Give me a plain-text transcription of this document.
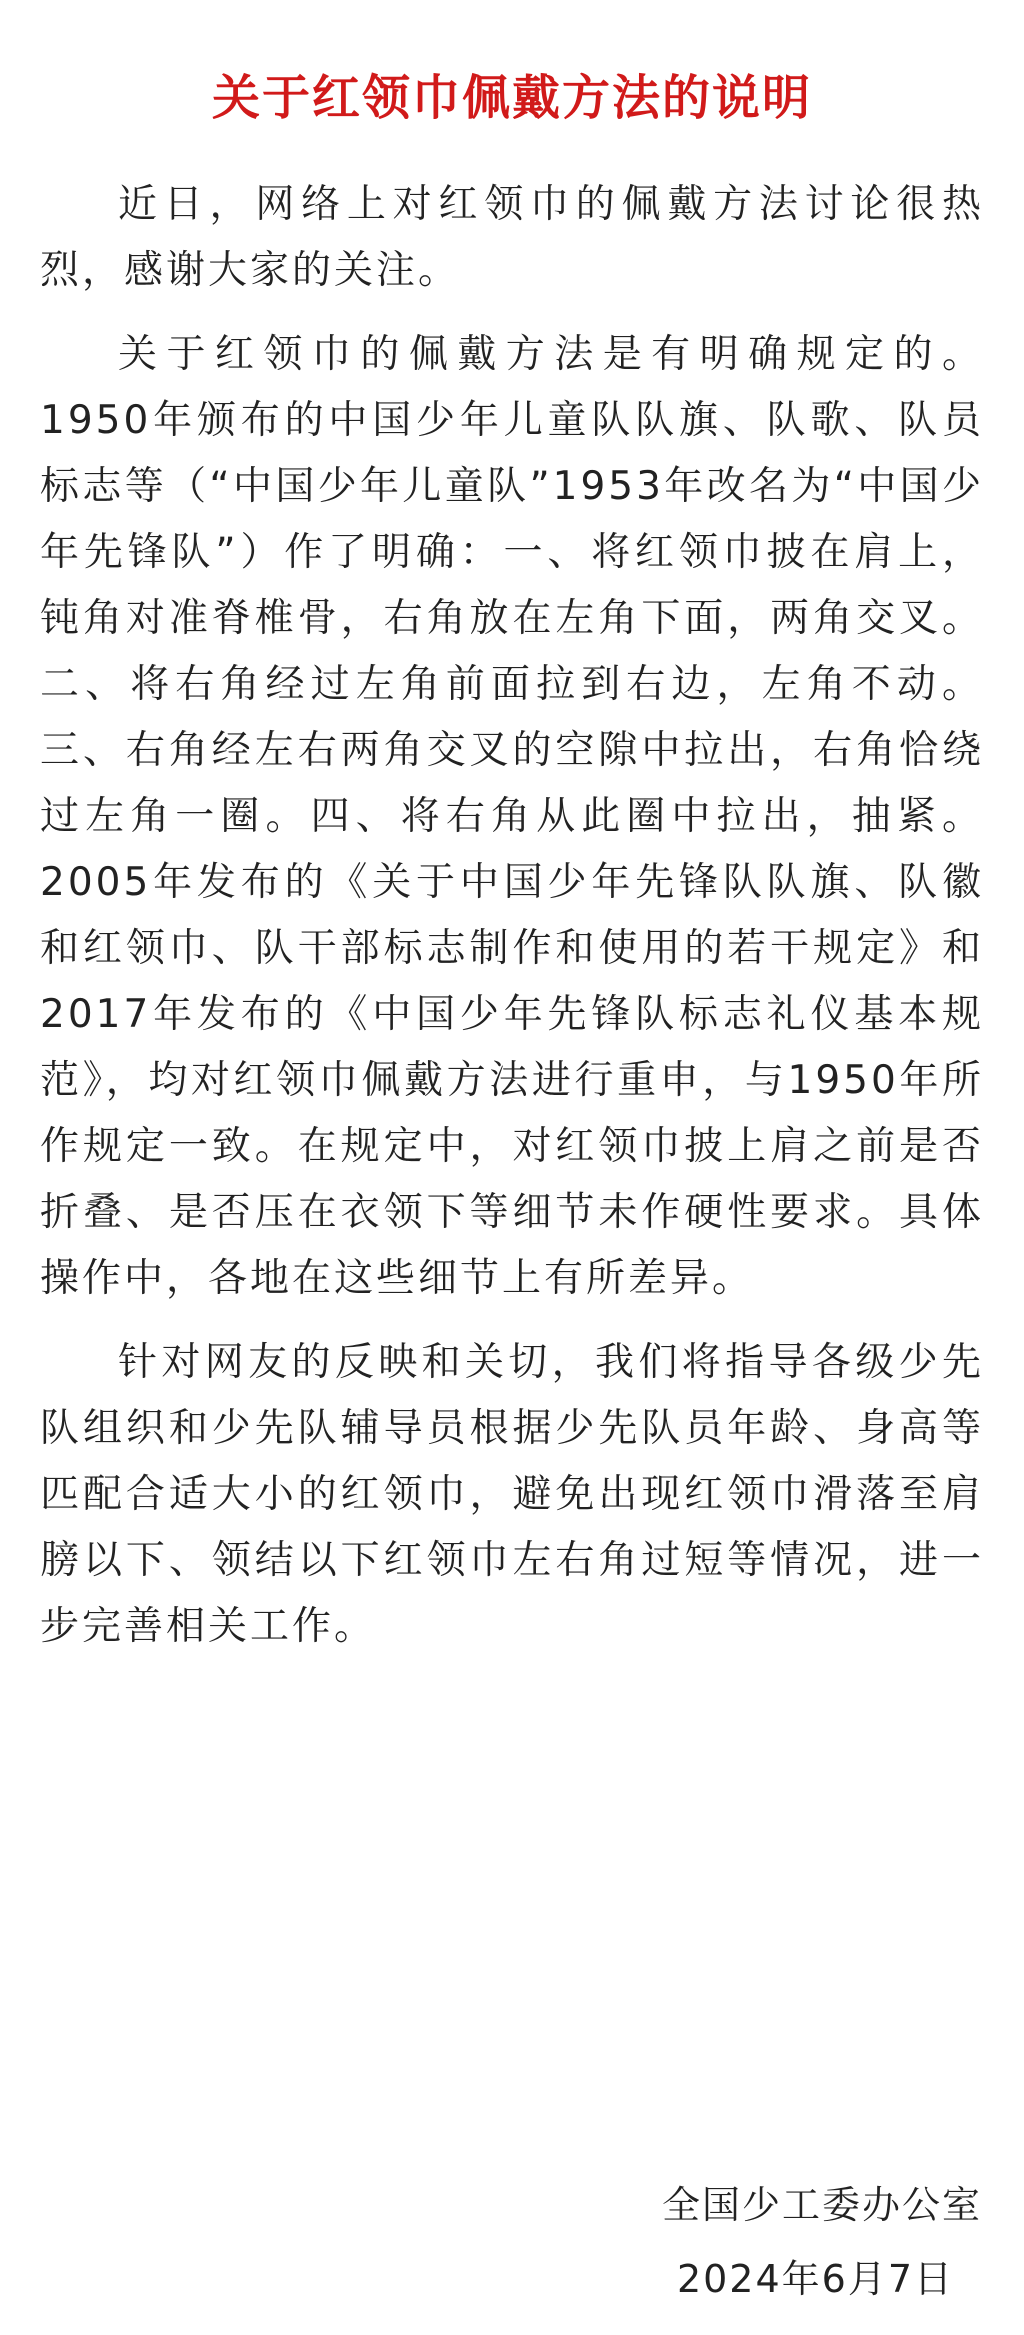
关于红领巾佩戴方法的说明

近日，网络上对红领巾的佩戴方法讨论很热烈，感谢大家的关注。

关于红领巾的佩戴方法是有明确规定的。1950年颁布的中国少年儿童队队旗、队歌、队员标志等（“中国少年儿童队”1953年改名为“中国少年先锋队”）作了明确：一、将红领巾披在肩上，钝角对准脊椎骨，右角放在左角下面，两角交叉。二、将右角经过左角前面拉到右边，左角不动。三、右角经左右两角交叉的空隙中拉出，右角恰绕过左角一圈。四、将右角从此圈中拉出，抽紧。2005年发布的《关于中国少年先锋队队旗、队徽和红领巾、队干部标志制作和使用的若干规定》和2017年发布的《中国少年先锋队标志礼仪基本规范》，均对红领巾佩戴方法进行重申，与1950年所作规定一致。在规定中，对红领巾披上肩之前是否折叠、是否压在衣领下等细节未作硬性要求。具体操作中，各地在这些细节上有所差异。

针对网友的反映和关切，我们将指导各级少先队组织和少先队辅导员根据少先队员年龄、身高等匹配合适大小的红领巾，避免出现红领巾滑落至肩膀以下、领结以下红领巾左右角过短等情况，进一步完善相关工作。

全国少工委办公室
2024年6月7日
